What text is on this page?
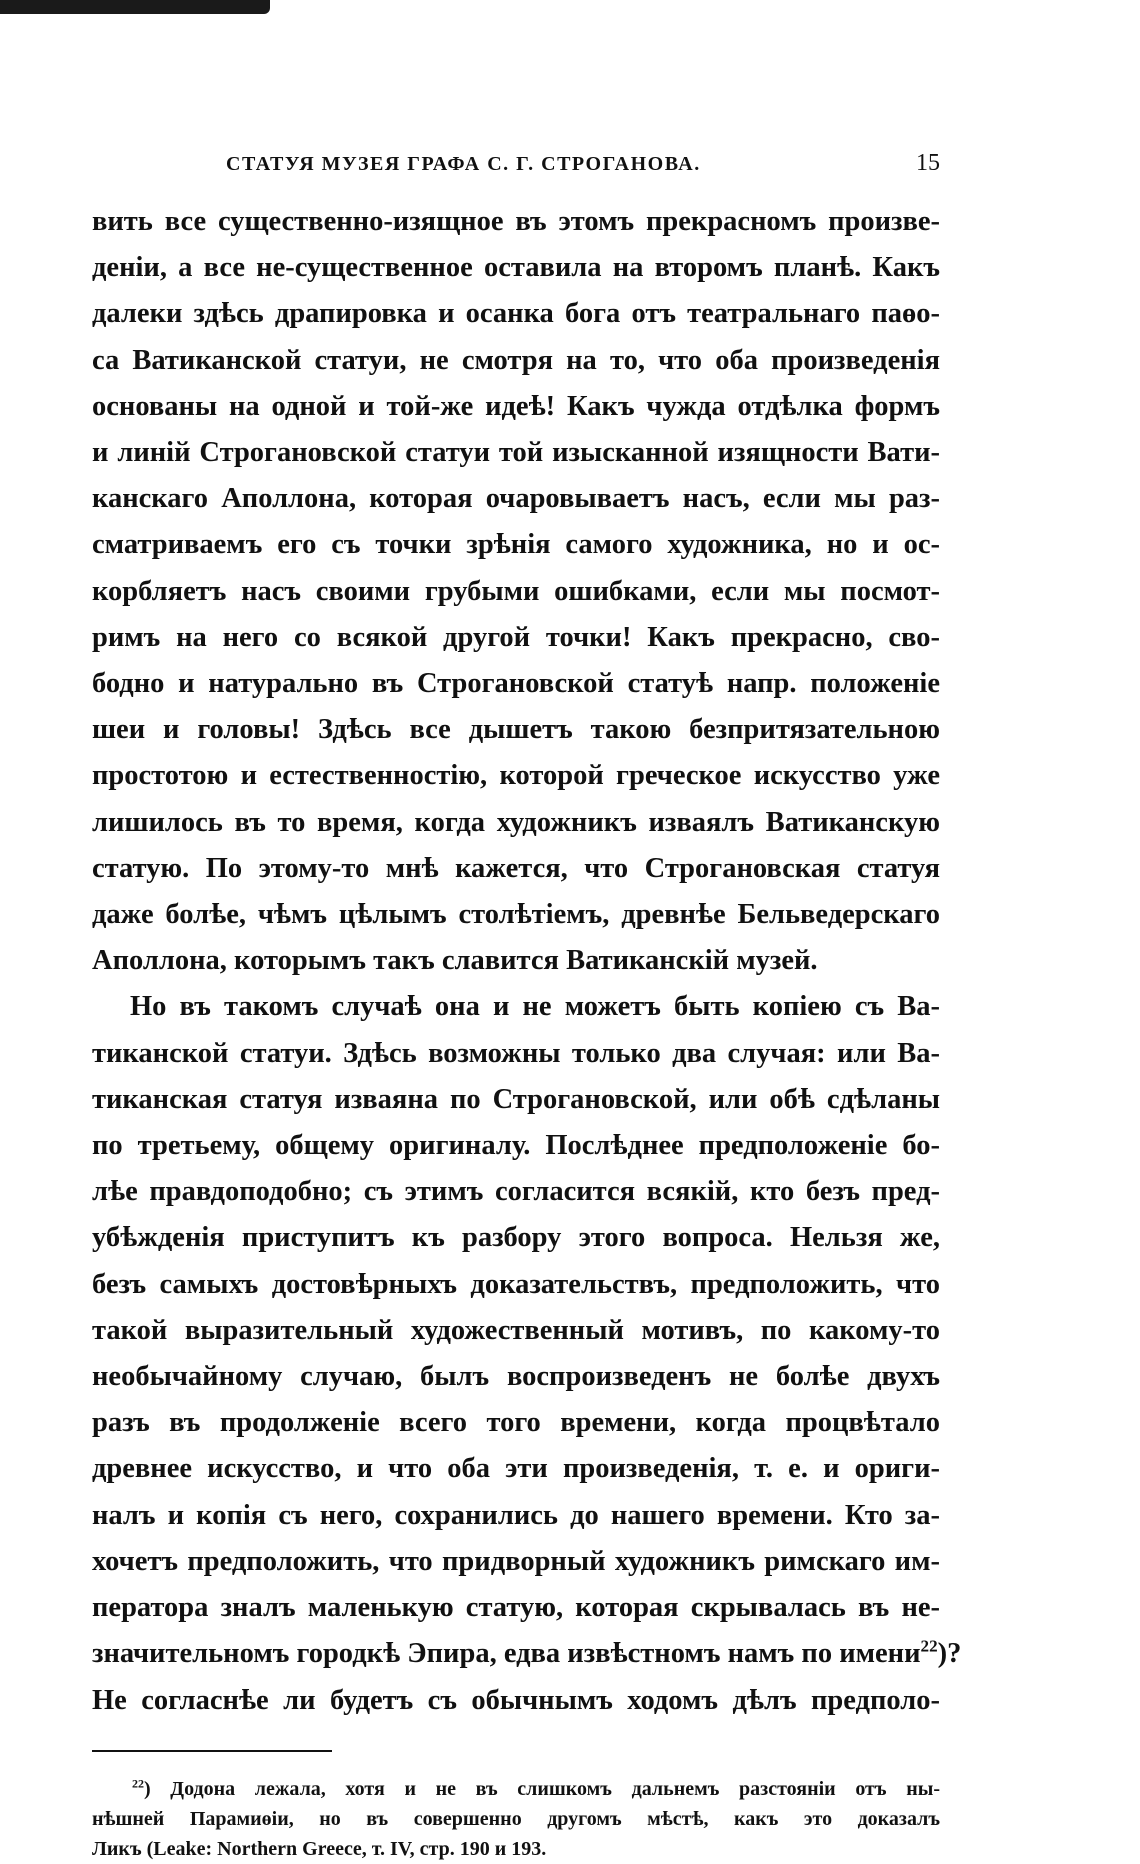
СТАТУЯ МУЗЕЯ ГРАФА С. Г. СТРОГАНОВА.	15

вить все существенно-изящное въ этомъ прекрасномъ произве-
денiи, а все не-существенное оставила на второмъ планѣ. Какъ
далеки здѣсь драпировка и осанка бога отъ театральнаго паөо-
са Ватиканской статуи, не смотря на то, что оба произведенiя
основаны на одной и той-же идеѣ! Какъ чужда отдѣлка формъ
и линiй Строгановской статуи той изысканной изящности Вати-
канскаго Аполлона, которая очаровываетъ насъ, если мы раз-
сматриваемъ его съ точки зрѣнiя самого художника, но и ос-
корбляетъ насъ своими грубыми ошибками, если мы посмот-
римъ на него со всякой другой точки! Какъ прекрасно, сво-
бодно и натурально въ Строгановской статуѣ напр. положенiе
шеи и головы! Здѣсь все дышетъ такою безпритязательною
простотою и естественностiю, которой греческое искусство уже
лишилось въ то время, когда художникъ изваялъ Ватиканскую
статую. По этому-то мнѣ кажется, что Строгановская статуя
даже болѣе, чѣмъ цѣлымъ столѣтiемъ, древнѣе Бельведерскаго
Аполлона, которымъ такъ славится Ватиканскiй музей.

Но въ такомъ случаѣ она и не можетъ быть копiею съ Ва-
тиканской статуи. Здѣсь возможны только два случая: или Ва-
тиканская статуя изваяна по Строгановской, или обѣ сдѣланы
по третьему, общему оригиналу. Послѣднее предположенiе бо-
лѣе правдоподобно; съ этимъ согласится всякiй, кто безъ пред-
убѣжденiя приступитъ къ разбору этого вопроса. Нельзя же,
безъ самыхъ достовѣрныхъ доказательствъ, предположить, что
такой выразительный художественный мотивъ, по какому-то
необычайному случаю, былъ воспроизведенъ не болѣе двухъ
разъ въ продолженiе всего того времени, когда процвѣтало
древнее искусство, и что оба эти произведенiя, т. е. и ориги-
налъ и копiя съ него, сохранились до нашего времени. Кто за-
хочетъ предположить, что придворный художникъ римскаго им-
ператора зналъ маленькую статую, которая скрывалась въ не-
значительномъ городкѣ Эпира, едва извѣстномъ намъ по имени$^{22}$)?
Не согласнѣе ли будетъ съ обычнымъ ходомъ дѣлъ предполо-

$^{22}$) Додона лежала, хотя и не въ слишкомъ дальнемъ разстоянiи отъ ны-
нѣшней Парамиөiи, но въ совершенно другомъ мѣстѣ, какъ это доказалъ
Ликъ (Leake: Northern Greece, т. IV, стр. 190 и 193.
